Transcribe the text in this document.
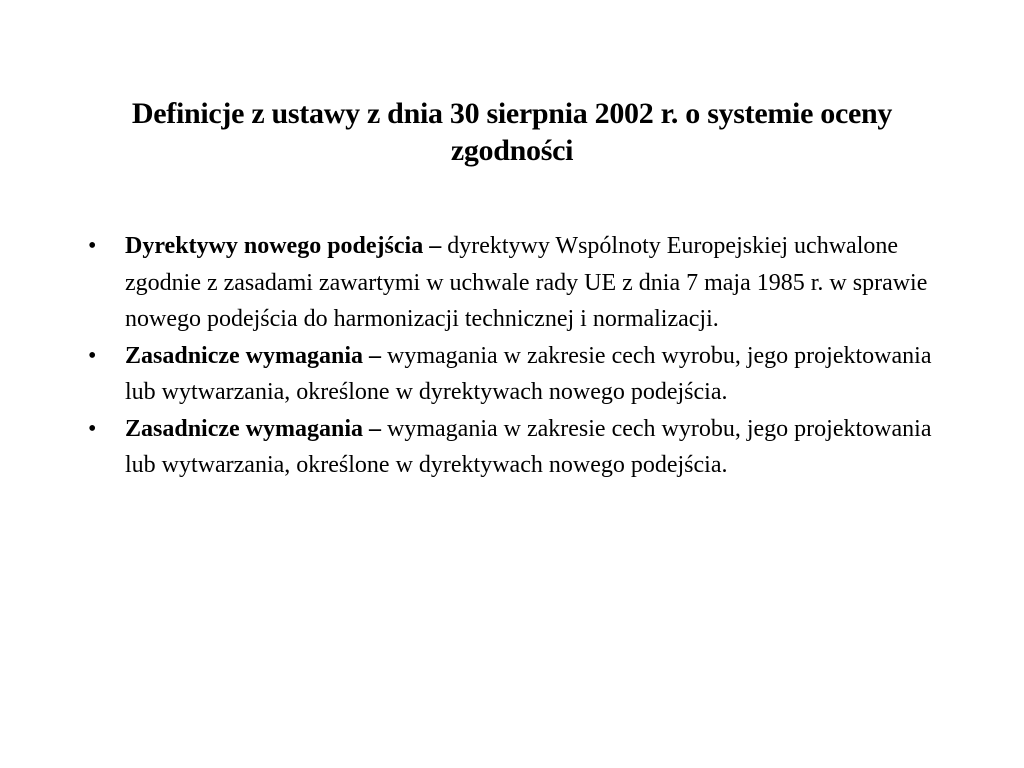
Definicje z ustawy z dnia 30 sierpnia 2002 r. o systemie oceny zgodności
• Dyrektywy nowego podejścia – dyrektywy Wspólnoty Europejskiej uchwalone zgodnie z zasadami zawartymi w uchwale rady UE z dnia 7 maja 1985 r. w sprawie nowego podejścia do harmonizacji technicznej i normalizacji.
• Zasadnicze wymagania – wymagania w zakresie cech wyrobu, jego projektowania lub wytwarzania, określone w dyrektywach nowego podejścia.
• Zasadnicze wymagania – wymagania w zakresie cech wyrobu, jego projektowania lub wytwarzania, określone w dyrektywach nowego podejścia.
